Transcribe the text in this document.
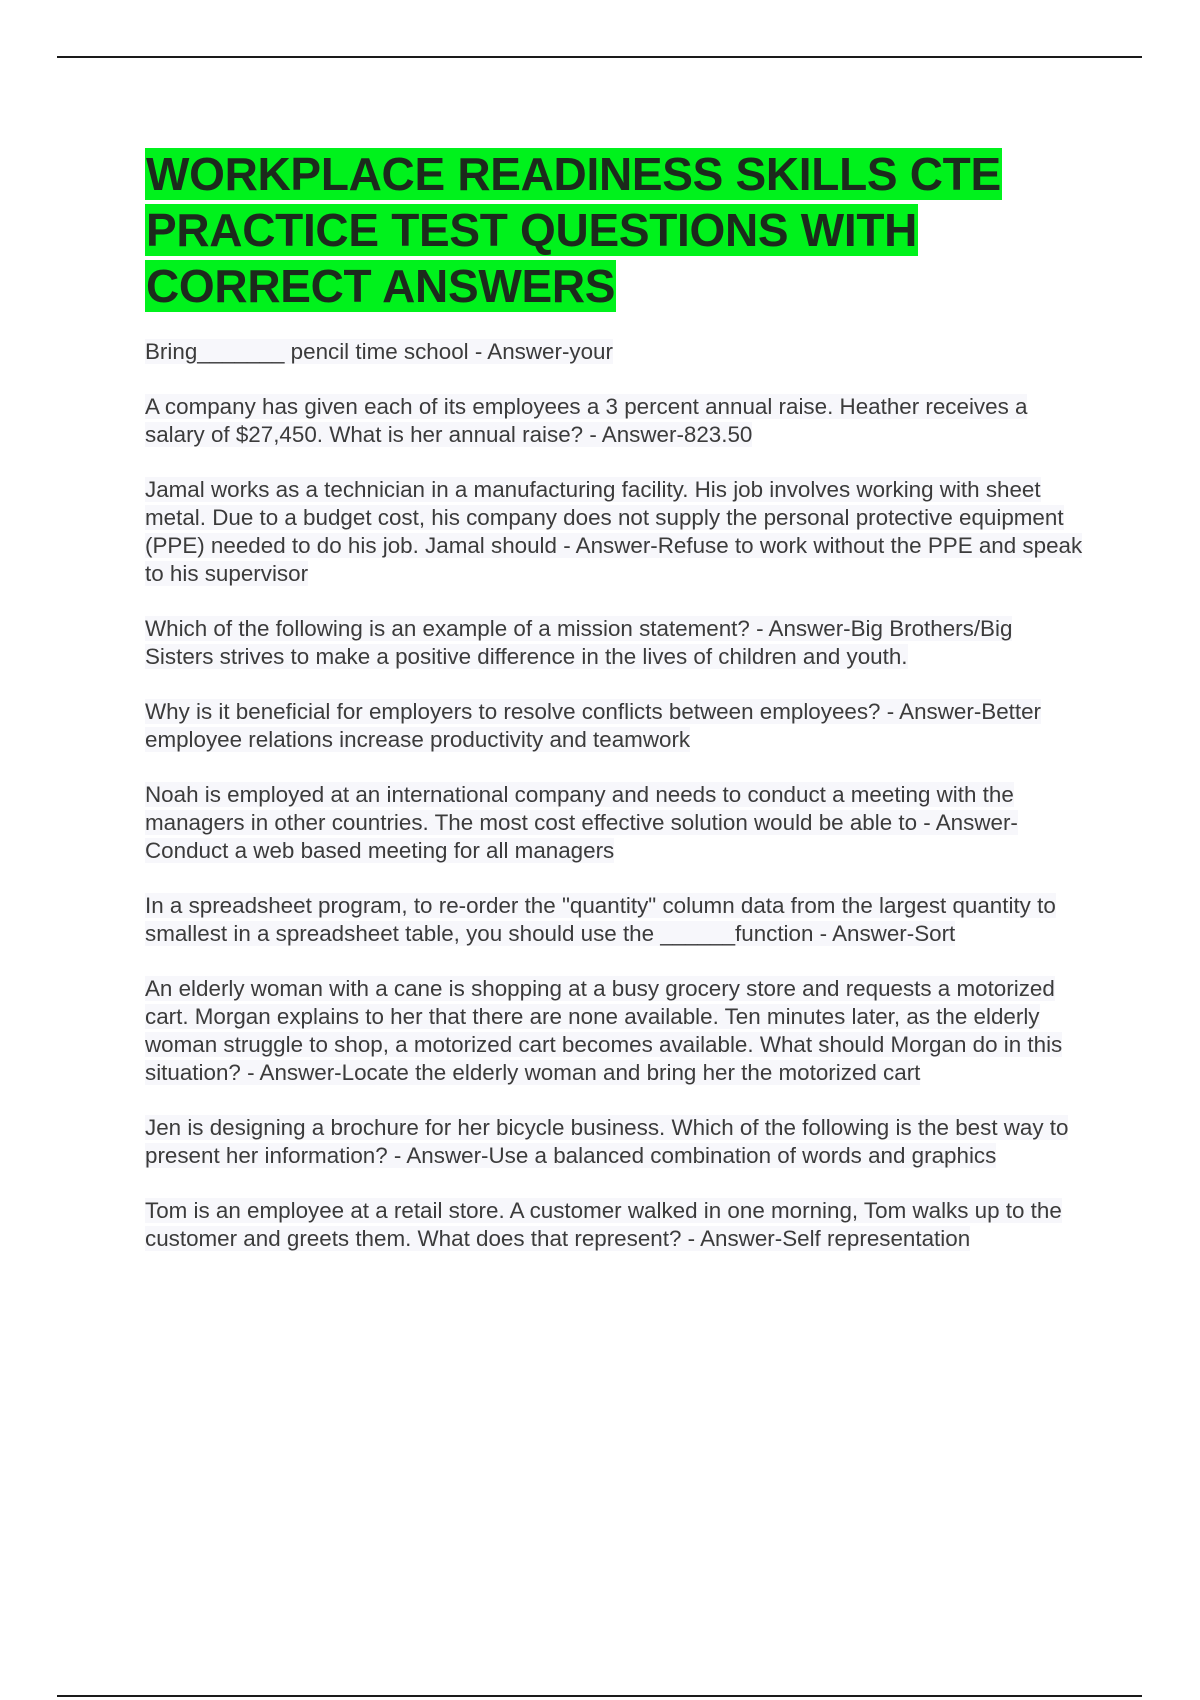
WORKPLACE READINESS SKILLS CTE PRACTICE TEST QUESTIONS WITH CORRECT ANSWERS

Bring_______ pencil time school - Answer-your

A company has given each of its employees a 3 percent annual raise. Heather receives a salary of $27,450. What is her annual raise? - Answer-823.50

Jamal works as a technician in a manufacturing facility. His job involves working with sheet metal. Due to a budget cost, his company does not supply the personal protective equipment (PPE) needed to do his job. Jamal should - Answer-Refuse to work without the PPE and speak to his supervisor

Which of the following is an example of a mission statement? - Answer-Big Brothers/Big Sisters strives to make a positive difference in the lives of children and youth.

Why is it beneficial for employers to resolve conflicts between employees? - Answer-Better employee relations increase productivity and teamwork

Noah is employed at an international company and needs to conduct a meeting with the managers in other countries. The most cost effective solution would be able to - Answer-Conduct a web based meeting for all managers

In a spreadsheet program, to re-order the "quantity" column data from the largest quantity to smallest in a spreadsheet table, you should use the ______function - Answer-Sort

An elderly woman with a cane is shopping at a busy grocery store and requests a motorized cart. Morgan explains to her that there are none available. Ten minutes later, as the elderly woman struggle to shop, a motorized cart becomes available. What should Morgan do in this situation? - Answer-Locate the elderly woman and bring her the motorized cart

Jen is designing a brochure for her bicycle business. Which of the following is the best way to present her information? - Answer-Use a balanced combination of words and graphics

Tom is an employee at a retail store. A customer walked in one morning, Tom walks up to the customer and greets them. What does that represent? - Answer-Self representation
